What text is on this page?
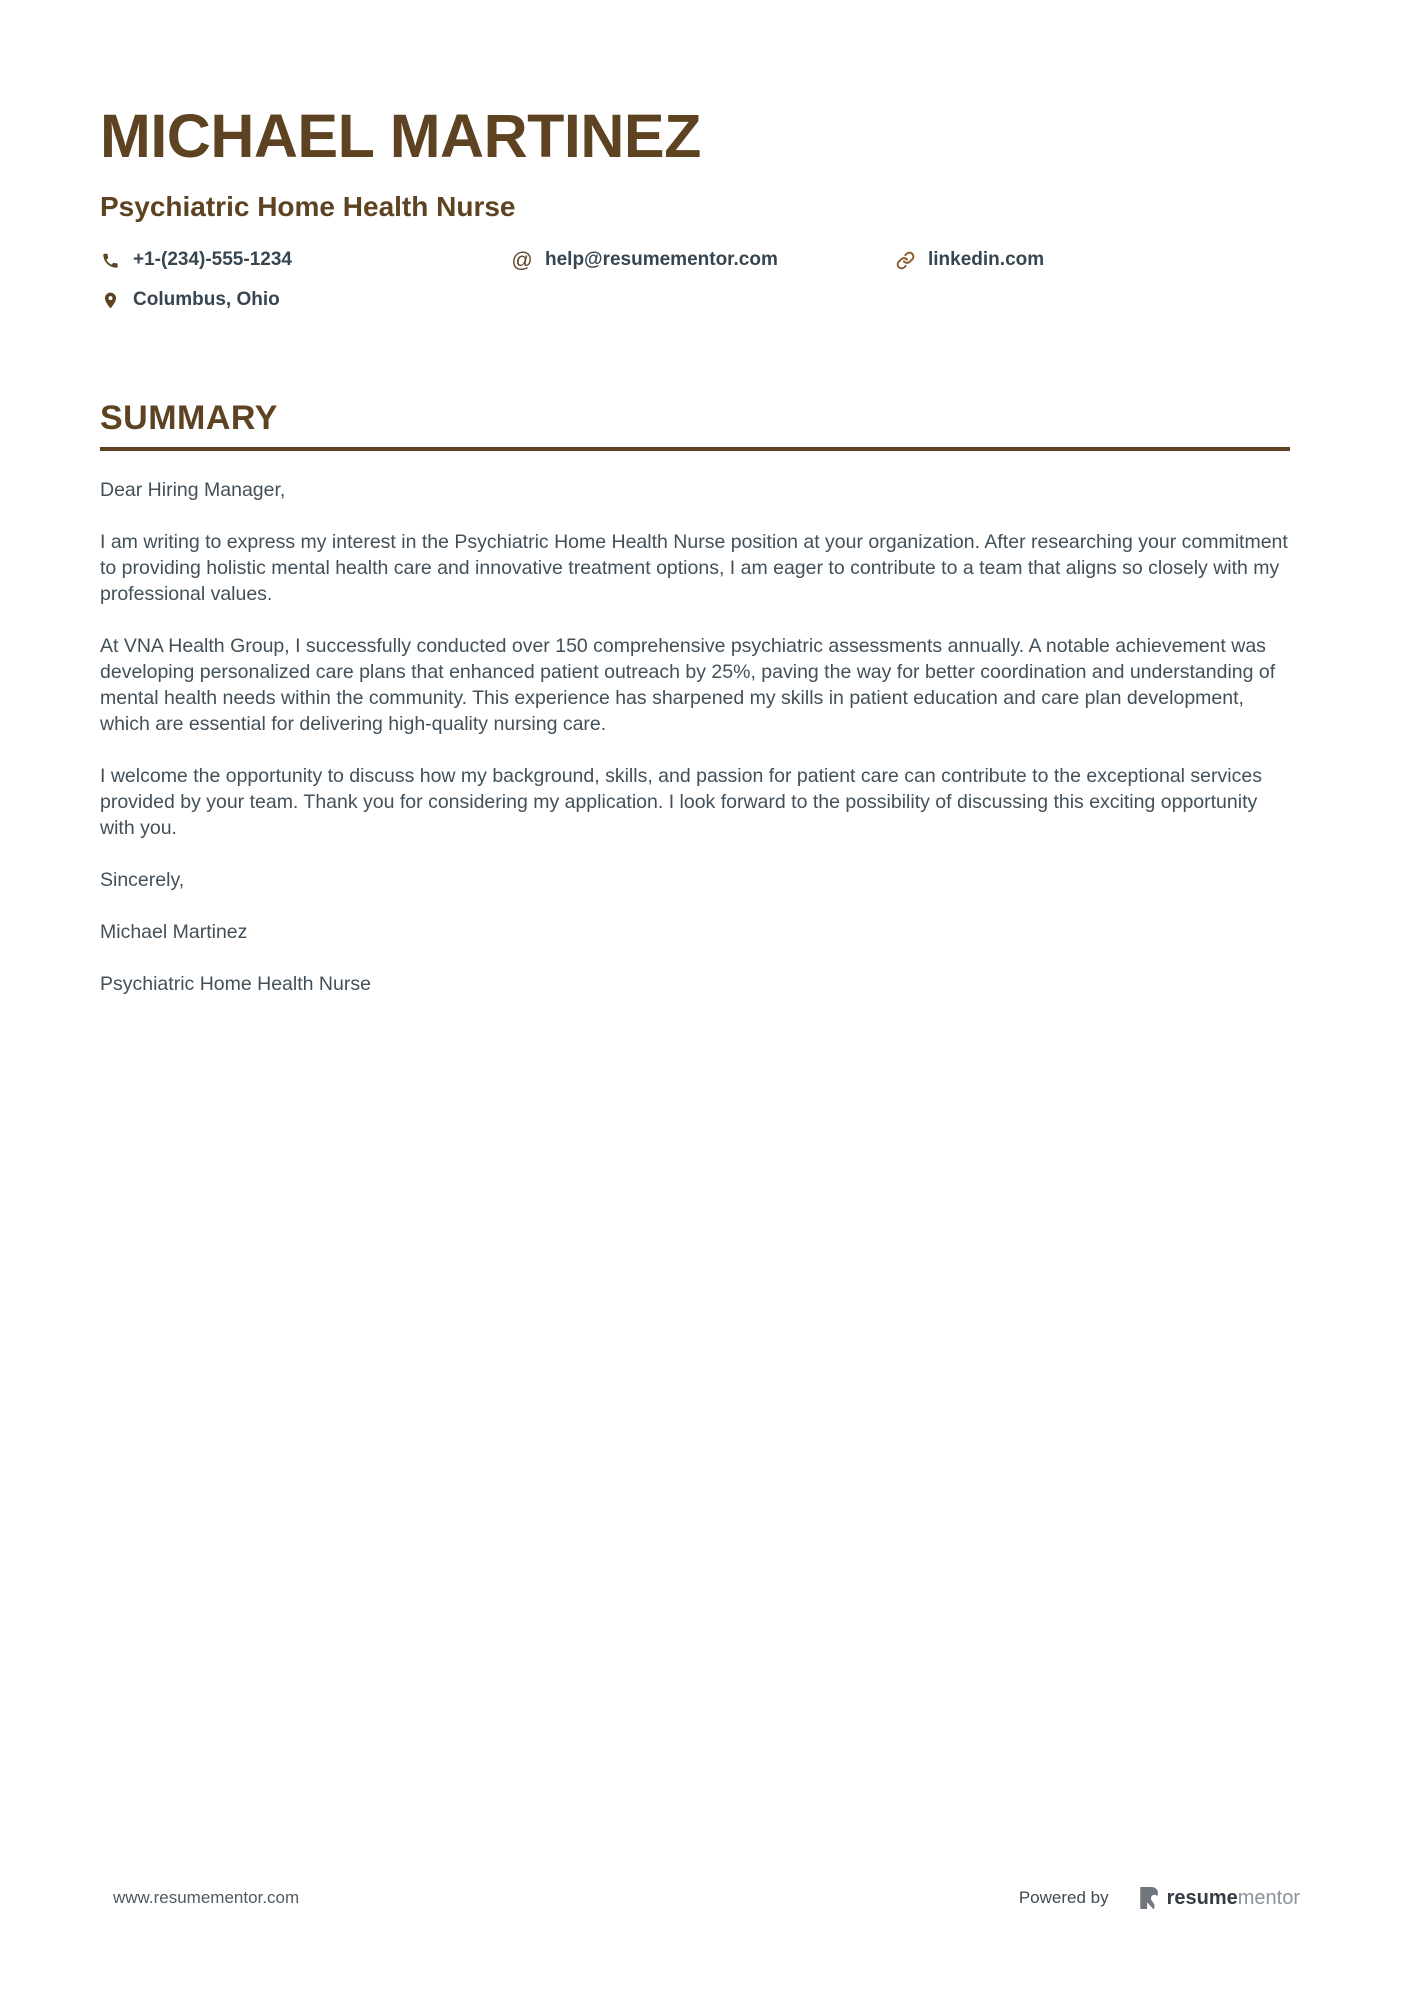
MICHAEL MARTINEZ
Psychiatric Home Health Nurse
+1-(234)-555-1234	@ help@resumementor.com	linkedin.com
Columbus, Ohio
SUMMARY

Dear Hiring Manager,

I am writing to express my interest in the Psychiatric Home Health Nurse position at your organization. After researching your commitment to providing holistic mental health care and innovative treatment options, I am eager to contribute to a team that aligns so closely with my professional values.

At VNA Health Group, I successfully conducted over 150 comprehensive psychiatric assessments annually. A notable achievement was developing personalized care plans that enhanced patient outreach by 25%, paving the way for better coordination and understanding of mental health needs within the community. This experience has sharpened my skills in patient education and care plan development, which are essential for delivering high-quality nursing care.

I welcome the opportunity to discuss how my background, skills, and passion for patient care can contribute to the exceptional services provided by your team. Thank you for considering my application. I look forward to the possibility of discussing this exciting opportunity with you.

Sincerely,

Michael Martinez

Psychiatric Home Health Nurse

www.resumementor.com	Powered by	resumementor
